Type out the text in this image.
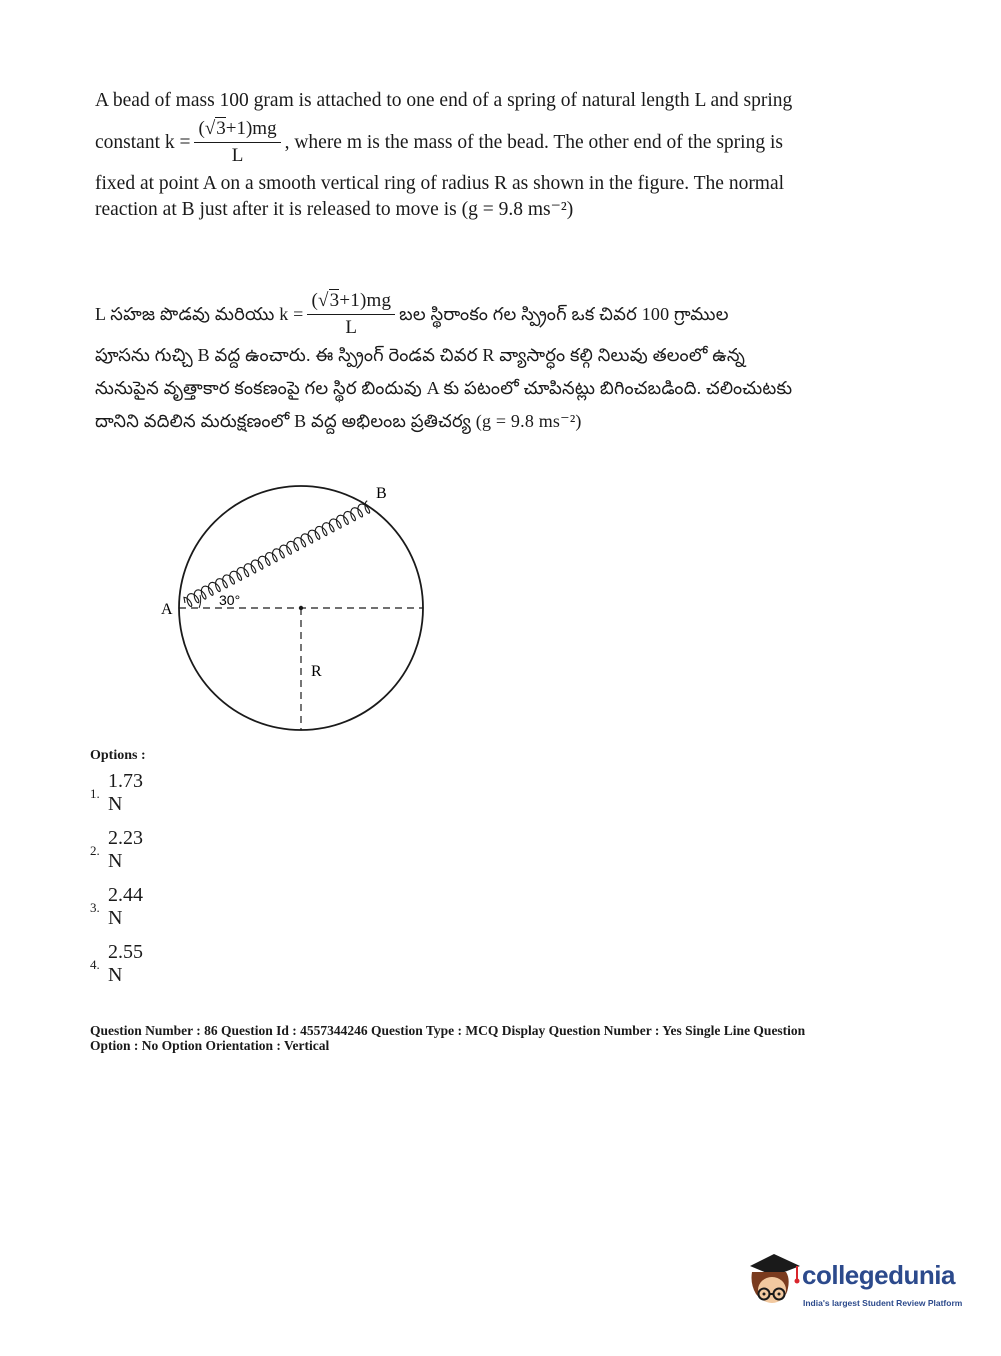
A bead of mass 100 gram is attached to one end of a spring of natural length L and spring
constant $k = \frac{(√3+1)mg}{L}$ , where m is the mass of the bead. The other end of the spring is
fixed at point A on a smooth vertical ring of radius R as shown in the figure. The normal
reaction at B just after it is released to move is (g = 9.8 ms⁻²)
L సహజ పొడవు మరియు $k = \frac{(√3+1)mg}{L}$ బల స్థిరాంకం గల స్ప్రింగ్ ఒక చివర 100 గ్రాముల
పూసను గుచ్చి B వద్ద ఉంచారు. ఈ స్ప్రింగ్ రెండవ చివర R వ్యాసార్ధం కల్గి నిలువు తలంలో ఉన్న
నునుపైన వృత్తాకార కంకణంపై గల స్థిర బిందువు A కు పటంలో చూపినట్లు బిగించబడింది. చలించుటకు
దానిని వదిలిన మరుక్షణంలో B వద్ద అభిలంబ ప్రతిచర్య (g = 9.8 ms⁻²)
30°
A
B
R
Options :
1.
1.73 N
2.
2.23 N
3.
2.44 N
4.
2.55 N
Question Number : 86 Question Id : 4557344246 Question Type : MCQ Display Question Number : Yes Single Line Question
Option : No Option Orientation : Vertical
collegedunia
India's largest Student Review Platform
